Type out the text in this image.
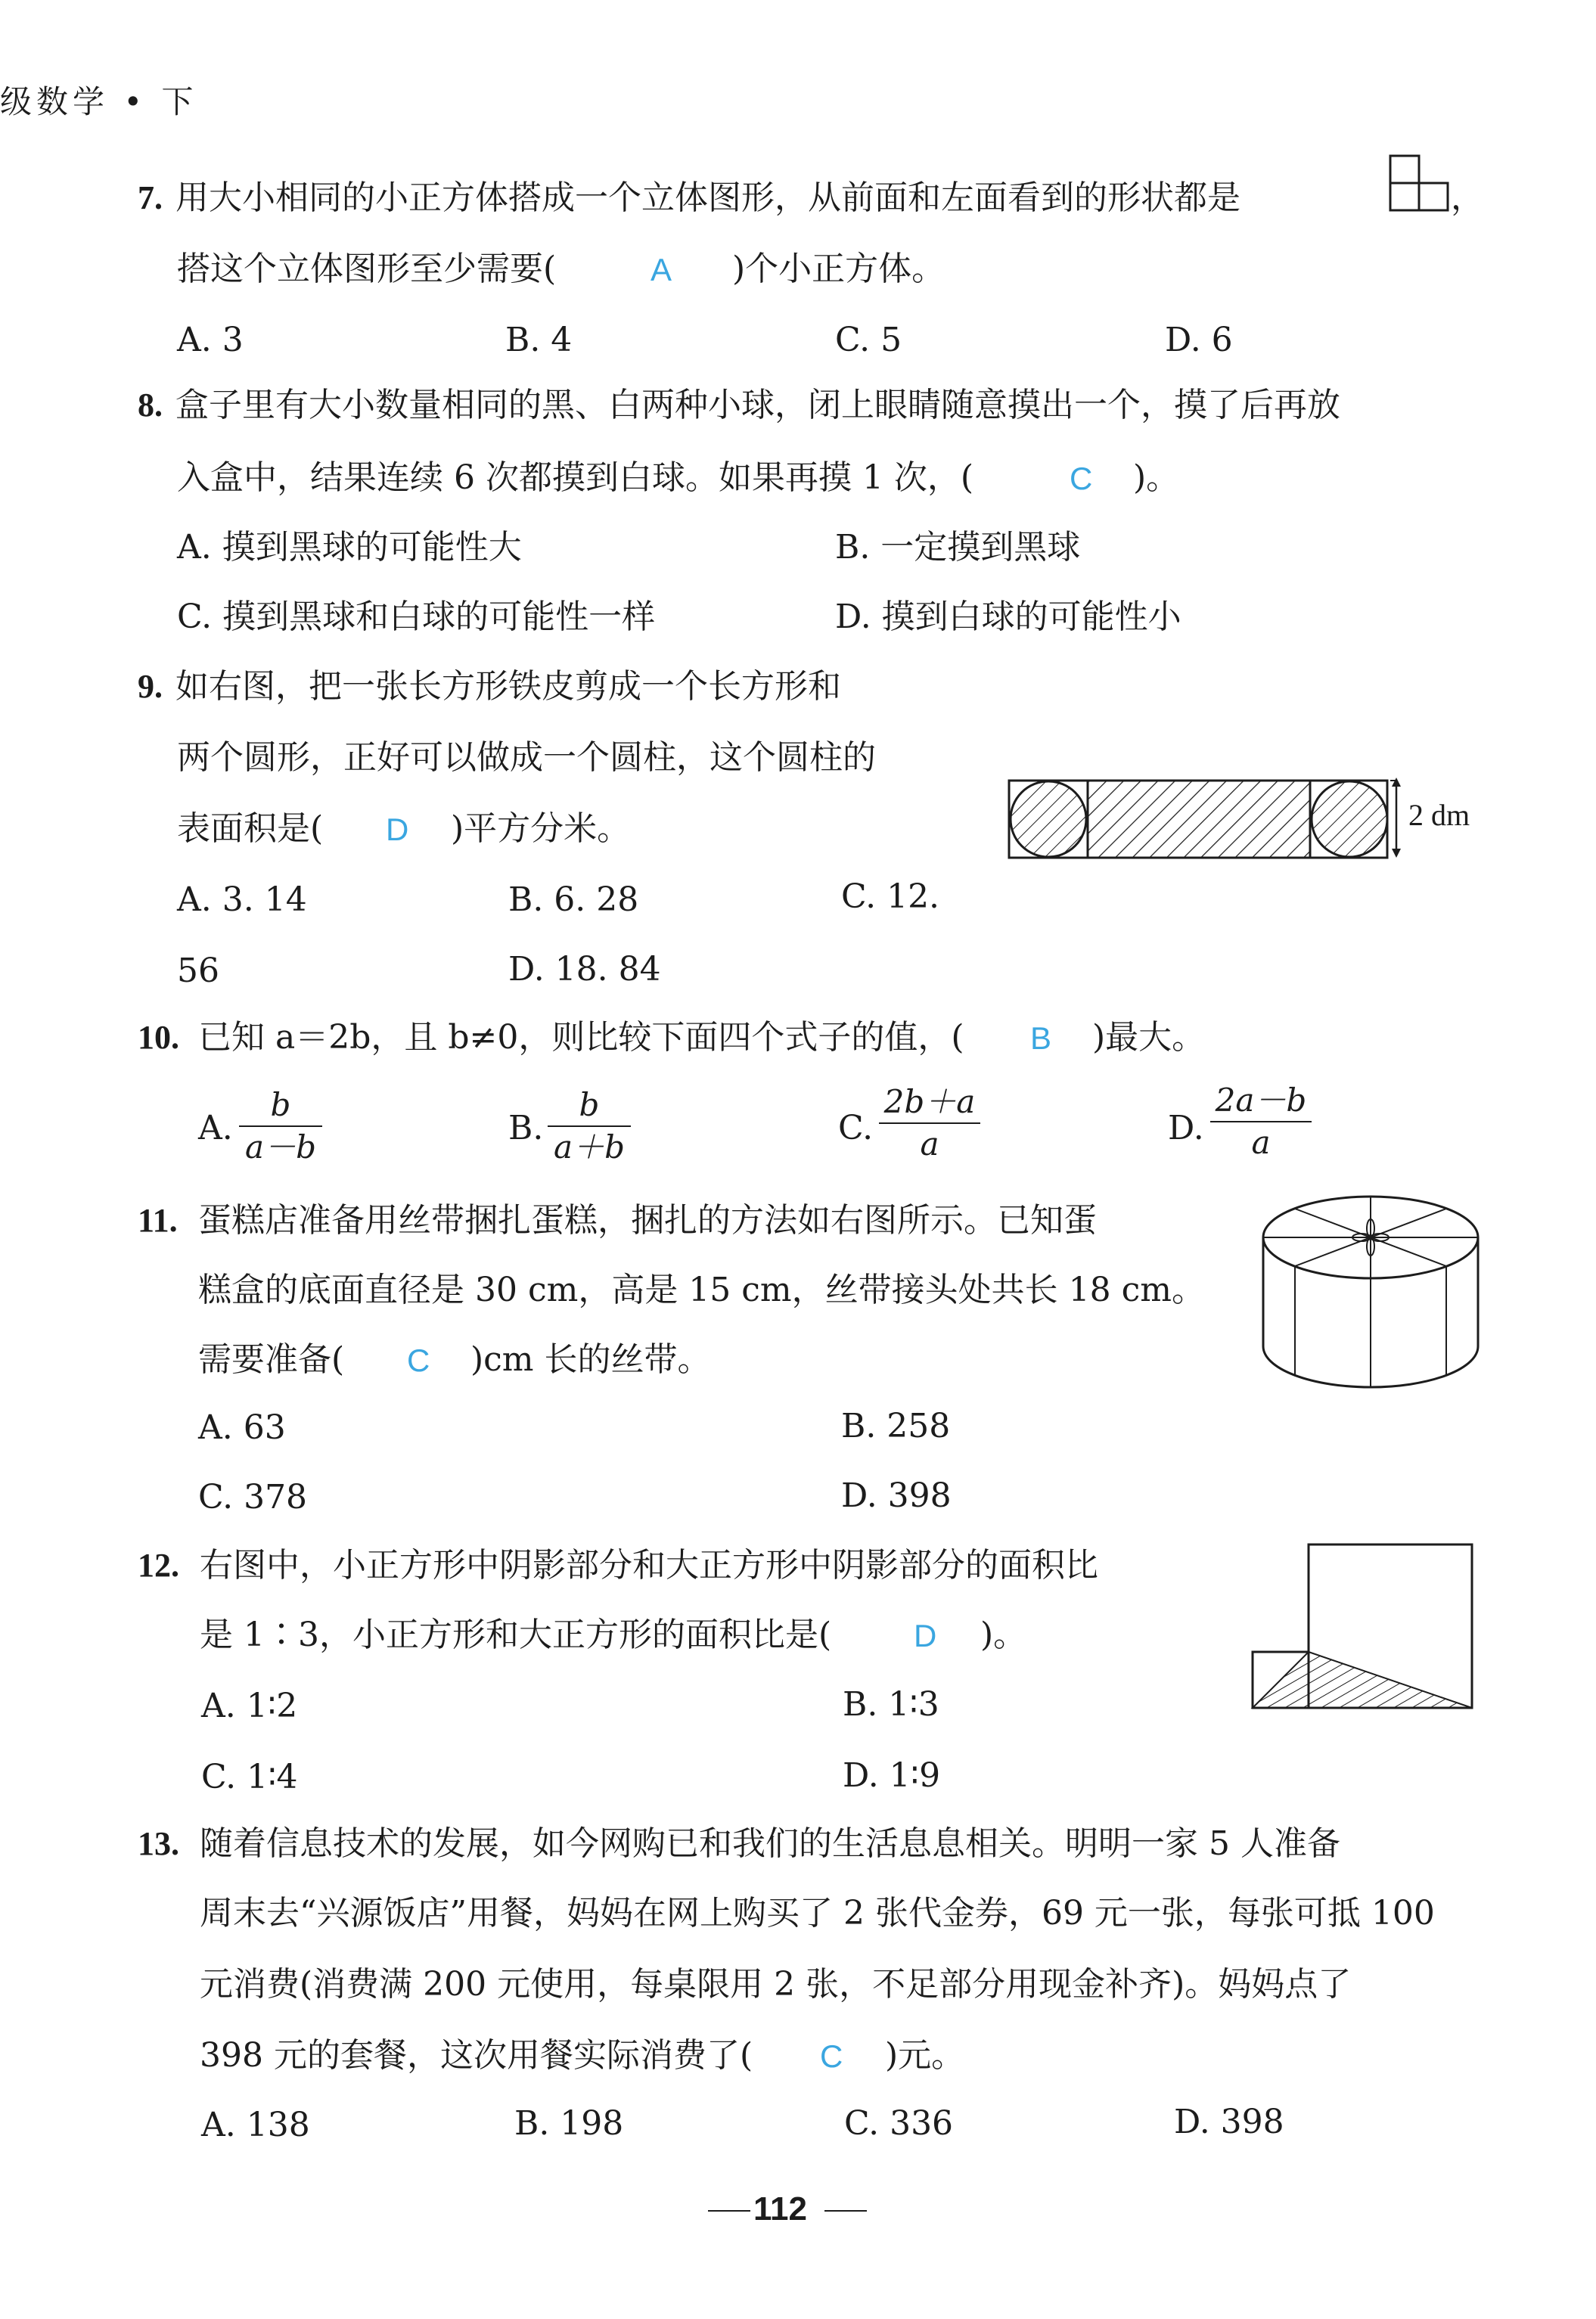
级数学 • 下
7. 用大小相同的小正方体搭成一个立体图形，从前面和左面看到的形状都是	，
搭这个立体图形至少需要(	A )个小正方体。
A. 3	B. 4	C. 5	D. 6
8. 盒子里有大小数量相同的黑、白两种小球，闭上眼睛随意摸出一个，摸了后再放
入盒中，结果连续 6 次都摸到白球。如果再摸 1 次，(	C )。
A. 摸到黑球的可能性大	B. 一定摸到黑球
C. 摸到黑球和白球的可能性一样	D. 摸到白球的可能性小
9. 如右图，把一张长方形铁皮剪成一个长方形和
两个圆形，正好可以做成一个圆柱，这个圆柱的
表面积是( D )平方分米。	2 dm
A. 3. 14	B. 6. 28	C. 12.
56	D. 18. 84
10. 已知 a＝2b，且 b≠0，则比较下面四个式子的值，( B )最大。
A.
b
a－b	B.
b
a＋b	C.
2b＋a
a	D.
2a－b
a
11. 蛋糕店准备用丝带捆扎蛋糕，捆扎的方法如右图所示。已知蛋
糕盒的底面直径是 30 cm，高是 15 cm，丝带接头处共长 18 cm。
需要准备( C )cm 长的丝带。
A. 63	B. 258
C. 378	D. 398
12. 右图中，小正方形中阴影部分和大正方形中阴影部分的面积比
是 1∶3，小正方形和大正方形的面积比是(	D )。
A. 1∶2	B. 1∶3
C. 1∶4	D. 1∶9
13. 随着信息技术的发展，如今网购已和我们的生活息息相关。明明一家 5 人准备
周末去“兴源饭店”用餐，妈妈在网上购买了 2 张代金券，69 元一张，每张可抵 100
元消费(消费满 200 元使用，每桌限用 2 张，不足部分用现金补齐)。妈妈点了
398 元的套餐，这次用餐实际消费了( C )元。
A. 138	B. 198	C. 336	D. 398
112
